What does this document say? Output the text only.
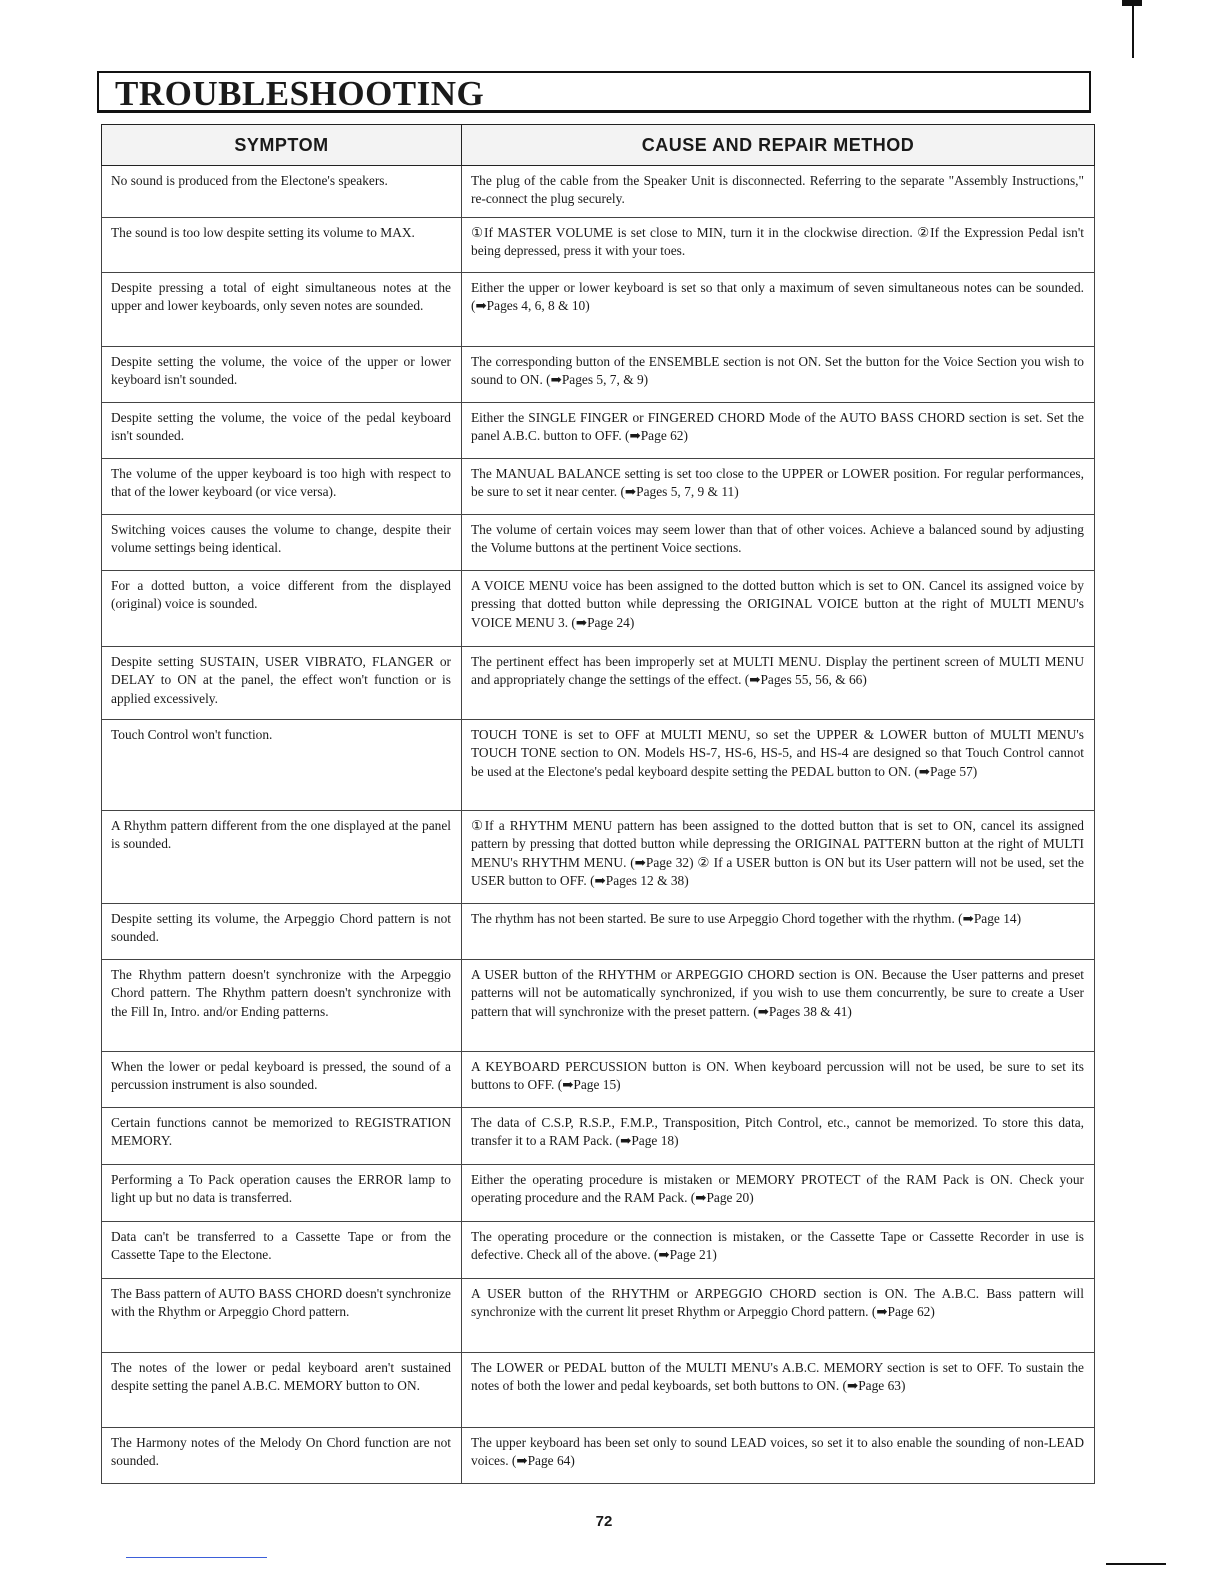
TROUBLESHOOTING
SYMPTOM	CAUSE AND REPAIR METHOD
No sound is produced from the Electone's speakers.	The plug of the cable from the Speaker Unit is disconnected. Referring to the separate "Assembly Instructions," re-connect the plug securely.
The sound is too low despite setting its volume to MAX.	①If MASTER VOLUME is set close to MIN, turn it in the clockwise direction. ②If the Expression Pedal isn't being depressed, press it with your toes.
Despite pressing a total of eight simultaneous notes at the upper and lower keyboards, only seven notes are sounded.	Either the upper or lower keyboard is set so that only a maximum of seven simultaneous notes can be sounded. (➡Pages 4, 6, 8 & 10)
Despite setting the volume, the voice of the upper or lower keyboard isn't sounded.	The corresponding button of the ENSEMBLE section is not ON. Set the button for the Voice Section you wish to sound to ON. (➡Pages 5, 7, & 9)
Despite setting the volume, the voice of the pedal keyboard isn't sounded.	Either the SINGLE FINGER or FINGERED CHORD Mode of the AUTO BASS CHORD section is set. Set the panel A.B.C. button to OFF. (➡Page 62)
The volume of the upper keyboard is too high with respect to that of the lower keyboard (or vice versa).	The MANUAL BALANCE setting is set too close to the UPPER or LOWER position. For regular performances, be sure to set it near center. (➡Pages 5, 7, 9 & 11)
Switching voices causes the volume to change, despite their volume settings being identical.	The volume of certain voices may seem lower than that of other voices. Achieve a balanced sound by adjusting the Volume buttons at the pertinent Voice sections.
For a dotted button, a voice different from the displayed (original) voice is sounded.	A VOICE MENU voice has been assigned to the dotted button which is set to ON. Cancel its assigned voice by pressing that dotted button while depressing the ORIGINAL VOICE button at the right of MULTI MENU's VOICE MENU 3. (➡Page 24)
Despite setting SUSTAIN, USER VIBRATO, FLANGER or DELAY to ON at the panel, the effect won't function or is applied excessively.	The pertinent effect has been improperly set at MULTI MENU. Display the pertinent screen of MULTI MENU and appropriately change the settings of the effect. (➡Pages 55, 56, & 66)
Touch Control won't function.	TOUCH TONE is set to OFF at MULTI MENU, so set the UPPER & LOWER button of MULTI MENU's TOUCH TONE section to ON. Models HS-7, HS-6, HS-5, and HS-4 are designed so that Touch Control cannot be used at the Electone's pedal keyboard despite setting the PEDAL button to ON. (➡Page 57)
A Rhythm pattern different from the one displayed at the panel is sounded.	①If a RHYTHM MENU pattern has been assigned to the dotted button that is set to ON, cancel its assigned pattern by pressing that dotted button while depressing the ORIGINAL PATTERN button at the right of MULTI MENU's RHYTHM MENU. (➡Page 32) ② If a USER button is ON but its User pattern will not be used, set the USER button to OFF. (➡Pages 12 & 38)
Despite setting its volume, the Arpeggio Chord pattern is not sounded.	The rhythm has not been started. Be sure to use Arpeggio Chord together with the rhythm. (➡Page 14)
The Rhythm pattern doesn't synchronize with the Arpeggio Chord pattern. The Rhythm pattern doesn't synchronize with the Fill In, Intro. and/or Ending patterns.	A USER button of the RHYTHM or ARPEGGIO CHORD section is ON. Because the User patterns and preset patterns will not be automatically synchronized, if you wish to use them concurrently, be sure to create a User pattern that will synchronize with the preset pattern. (➡Pages 38 & 41)
When the lower or pedal keyboard is pressed, the sound of a percussion instrument is also sounded.	A KEYBOARD PERCUSSION button is ON. When keyboard percussion will not be used, be sure to set its buttons to OFF. (➡Page 15)
Certain functions cannot be memorized to REGISTRATION MEMORY.	The data of C.S.P, R.S.P., F.M.P., Transposition, Pitch Control, etc., cannot be memorized. To store this data, transfer it to a RAM Pack. (➡Page 18)
Performing a To Pack operation causes the ERROR lamp to light up but no data is transferred.	Either the operating procedure is mistaken or MEMORY PROTECT of the RAM Pack is ON. Check your operating procedure and the RAM Pack. (➡Page 20)
Data can't be transferred to a Cassette Tape or from the Cassette Tape to the Electone.	The operating procedure or the connection is mistaken, or the Cassette Tape or Cassette Recorder in use is defective. Check all of the above. (➡Page 21)
The Bass pattern of AUTO BASS CHORD doesn't synchronize with the Rhythm or Arpeggio Chord pattern.	A USER button of the RHYTHM or ARPEGGIO CHORD section is ON. The A.B.C. Bass pattern will synchronize with the current lit preset Rhythm or Arpeggio Chord pattern. (➡Page 62)
The notes of the lower or pedal keyboard aren't sustained despite setting the panel A.B.C. MEMORY button to ON.	The LOWER or PEDAL button of the MULTI MENU's A.B.C. MEMORY section is set to OFF. To sustain the notes of both the lower and pedal keyboards, set both buttons to ON. (➡Page 63)
The Harmony notes of the Melody On Chord function are not sounded.	The upper keyboard has been set only to sound LEAD voices, so set it to also enable the sounding of non-LEAD voices. (➡Page 64)
72
